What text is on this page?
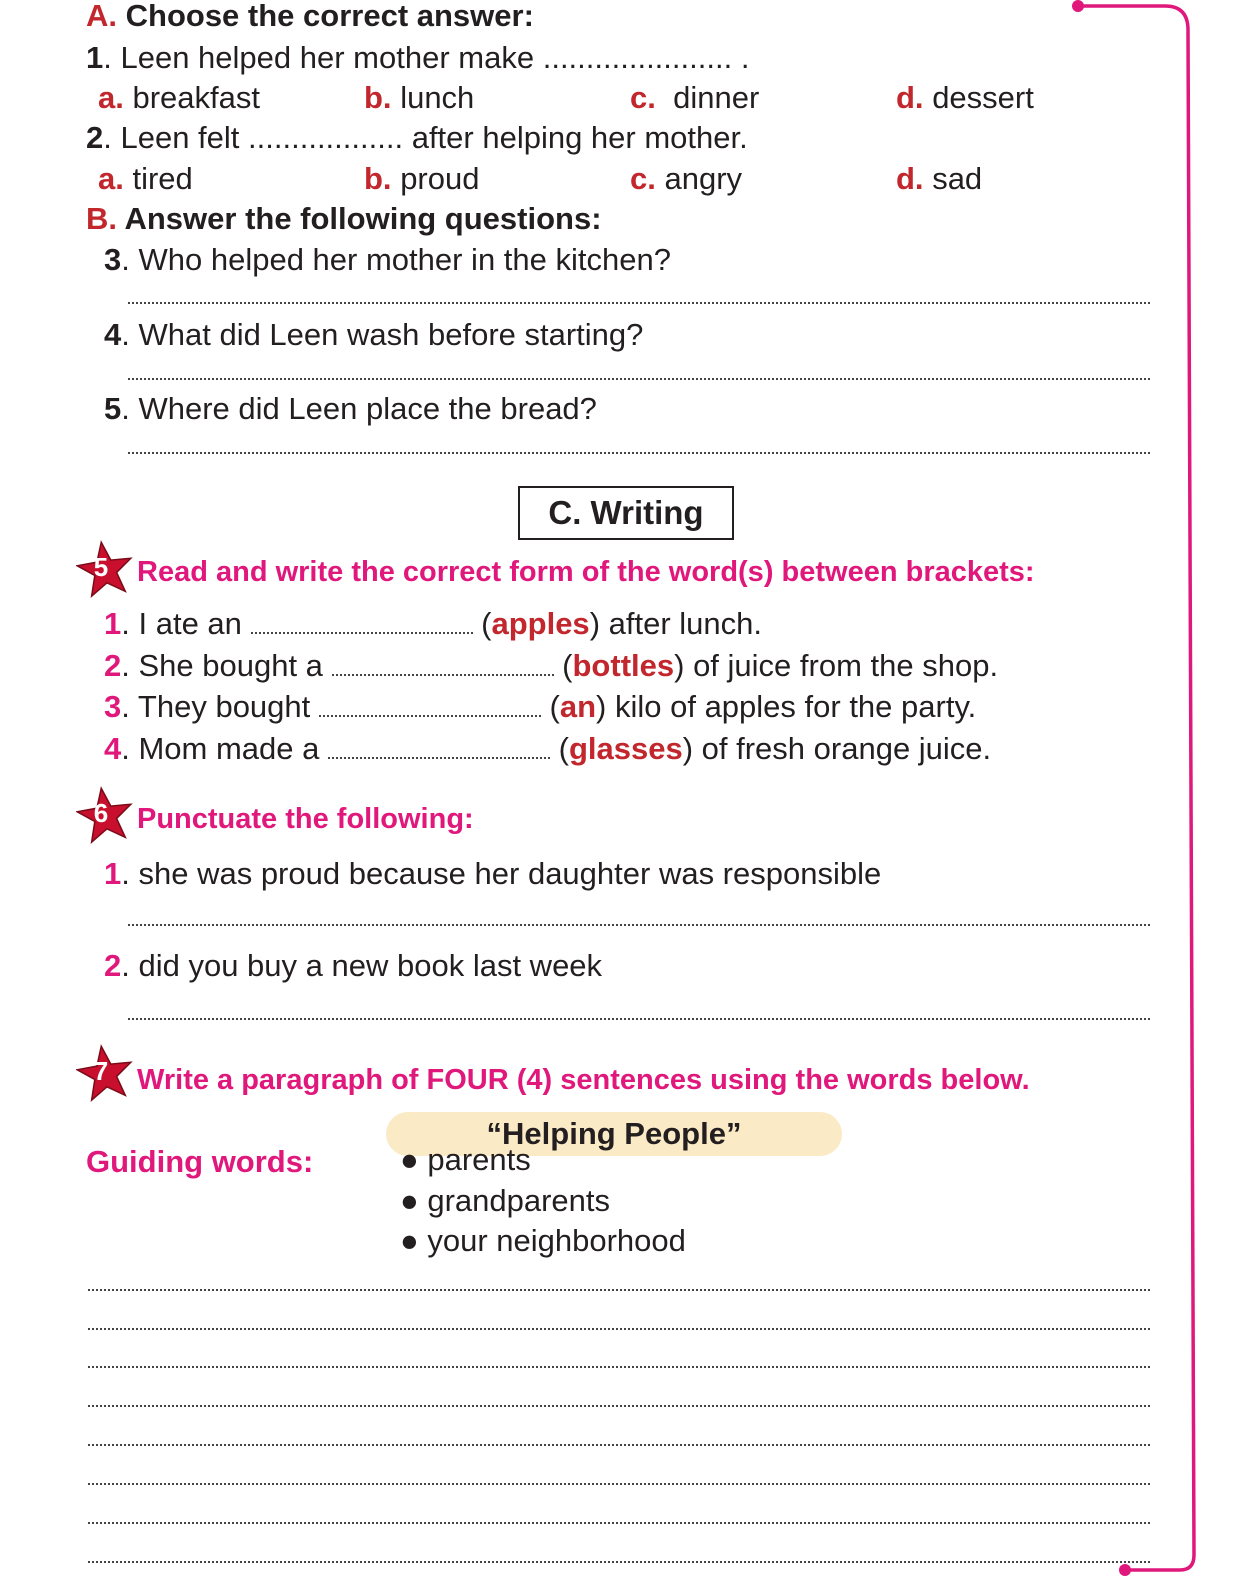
A. Choose the correct answer:
1. Leen helped her mother make ...................... .
a. breakfast	b. lunch	c. dinner	d. dessert
2. Leen felt .................. after helping her mother.
a. tired	b. proud	c. angry	d. sad
B. Answer the following questions:
3. Who helped her mother in the kitchen?
4. What did Leen wash before starting?
5. Where did Leen place the bread?
C. Writing
5 Read and write the correct form of the word(s) between brackets:
1. I ate an	(apples) after lunch.
2. She bought a	(bottles) of juice from the shop.
3. They bought	(an) kilo of apples for the party.
4. Mom made a	(glasses) of fresh orange juice.
6 Punctuate the following:
1. she was proud because her daughter was responsible
2. did you buy a new book last week
7 Write a paragraph of FOUR (4) sentences using the words below.
“Helping People”
Guiding words:	● parents
● grandparents
● your neighborhood
